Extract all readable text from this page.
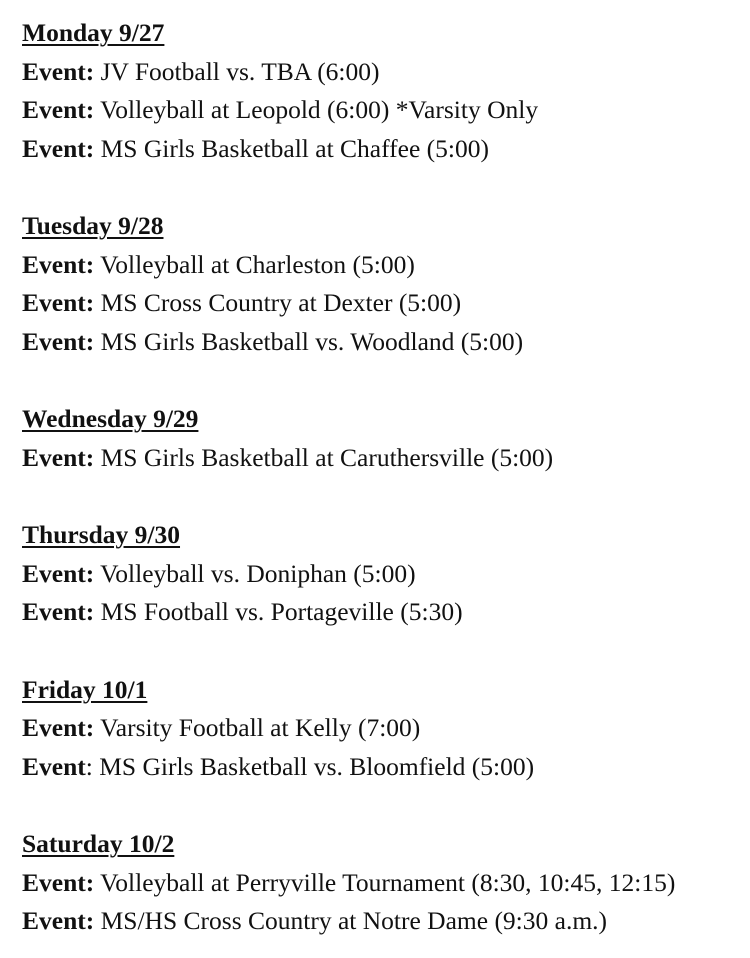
Monday 9/27
Event: JV Football vs. TBA (6:00)
Event: Volleyball at Leopold (6:00) *Varsity Only
Event: MS Girls Basketball at Chaffee (5:00)
Tuesday 9/28
Event: Volleyball at Charleston (5:00)
Event: MS Cross Country at Dexter (5:00)
Event: MS Girls Basketball vs. Woodland (5:00)
Wednesday 9/29
Event: MS Girls Basketball at Caruthersville (5:00)
Thursday 9/30
Event: Volleyball vs. Doniphan (5:00)
Event: MS Football vs. Portageville (5:30)
Friday 10/1
Event: Varsity Football at Kelly (7:00)
Event: MS Girls Basketball vs. Bloomfield (5:00)
Saturday 10/2
Event: Volleyball at Perryville Tournament (8:30, 10:45, 12:15)
Event: MS/HS Cross Country at Notre Dame (9:30 a.m.)
